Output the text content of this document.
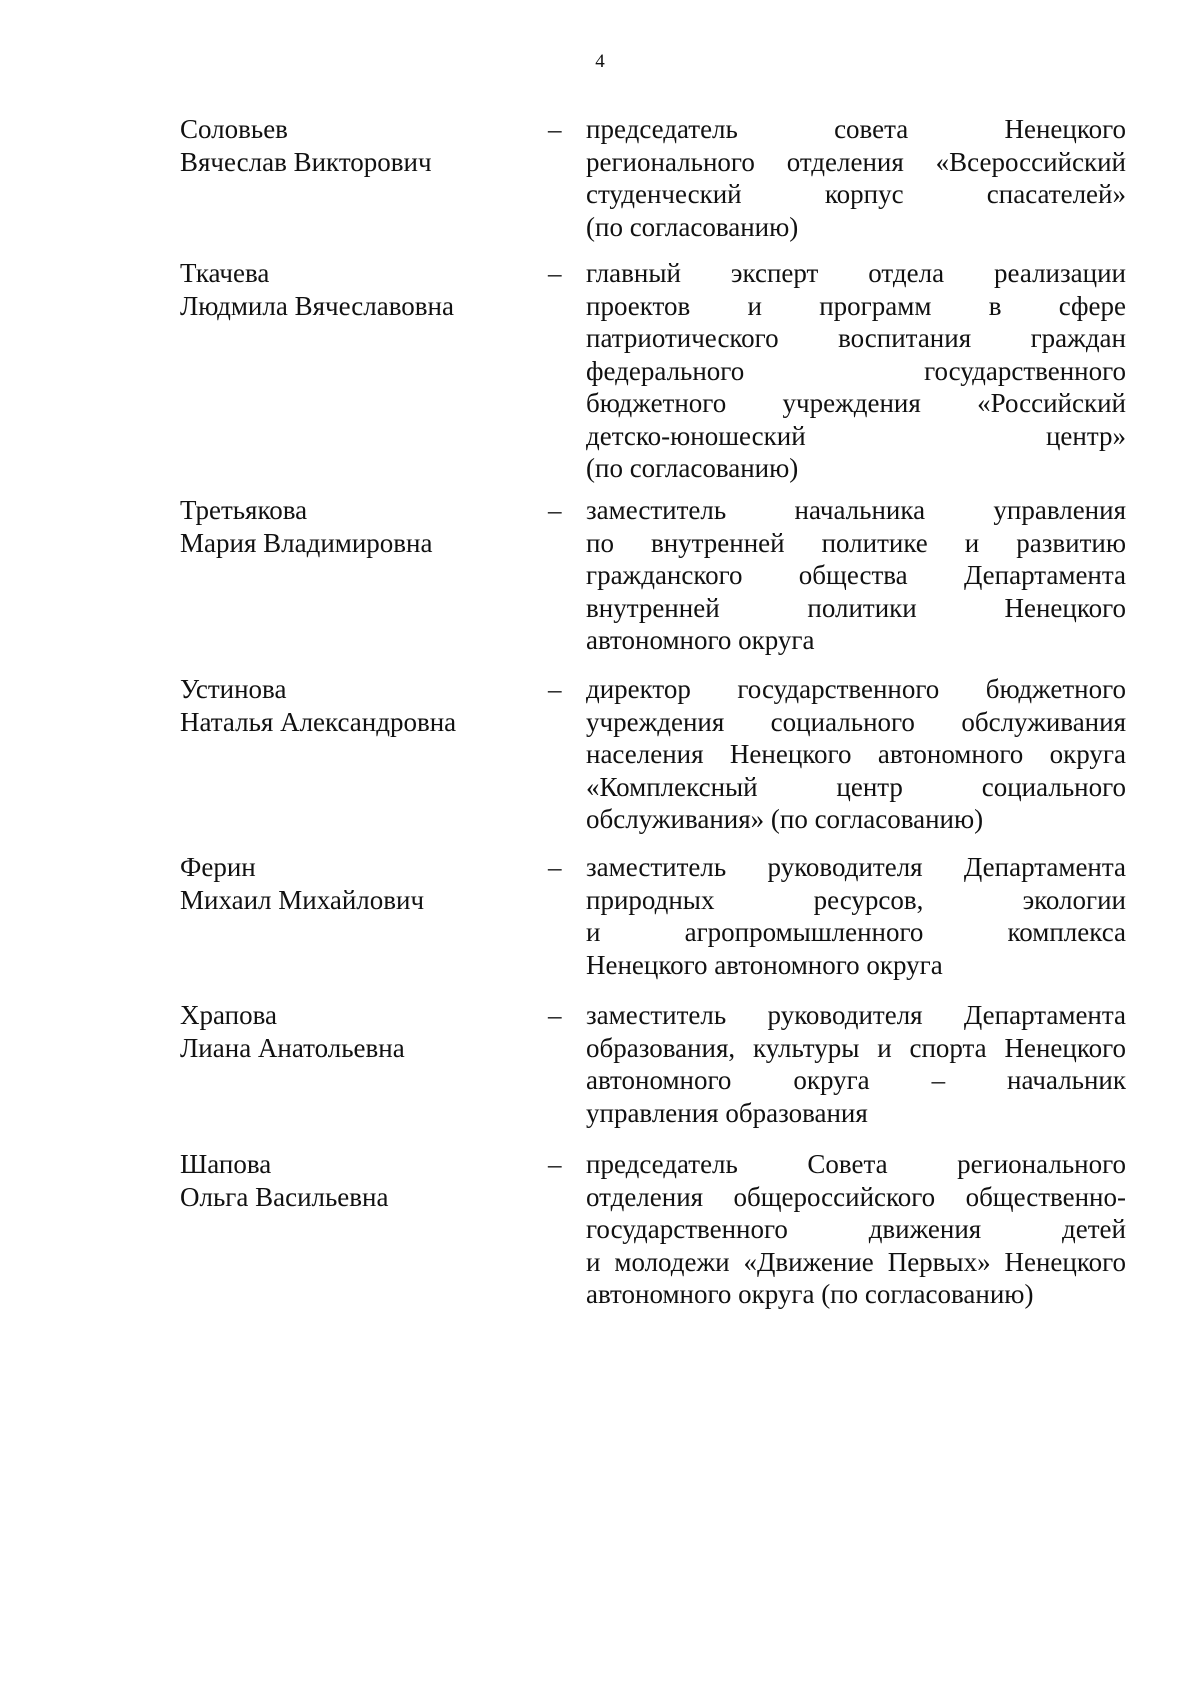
4
Соловьев
Вячеслав Викторович
– председатель совета Ненецкого
регионального отделения «Всероссийский
студенческий корпус спасателей»
(по согласованию)
Ткачева
Людмила Вячеславовна
– главный эксперт отдела реализации
проектов и программ в сфере
патриотического воспитания граждан
федерального государственного
бюджетного учреждения «Российский
детско-юношеский центр»
(по согласованию)
Третьякова
Мария Владимировна
– заместитель начальника управления
по внутренней политике и развитию
гражданского общества Департамента
внутренней политики Ненецкого
автономного округа
Устинова
Наталья Александровна
– директор государственного бюджетного
учреждения социального обслуживания
населения Ненецкого автономного округа
«Комплексный центр социального
обслуживания» (по согласованию)
Ферин
Михаил Михайлович
– заместитель руководителя Департамента
природных ресурсов, экологии
и агропромышленного комплекса
Ненецкого автономного округа
Храпова
Лиана Анатольевна
– заместитель руководителя Департамента
образования, культуры и спорта Ненецкого
автономного округа – начальник
управления образования
Шапова
Ольга Васильевна
– председатель Совета регионального
отделения общероссийского общественно-
государственного движения детей
и молодежи «Движение Первых» Ненецкого
автономного округа (по согласованию)
